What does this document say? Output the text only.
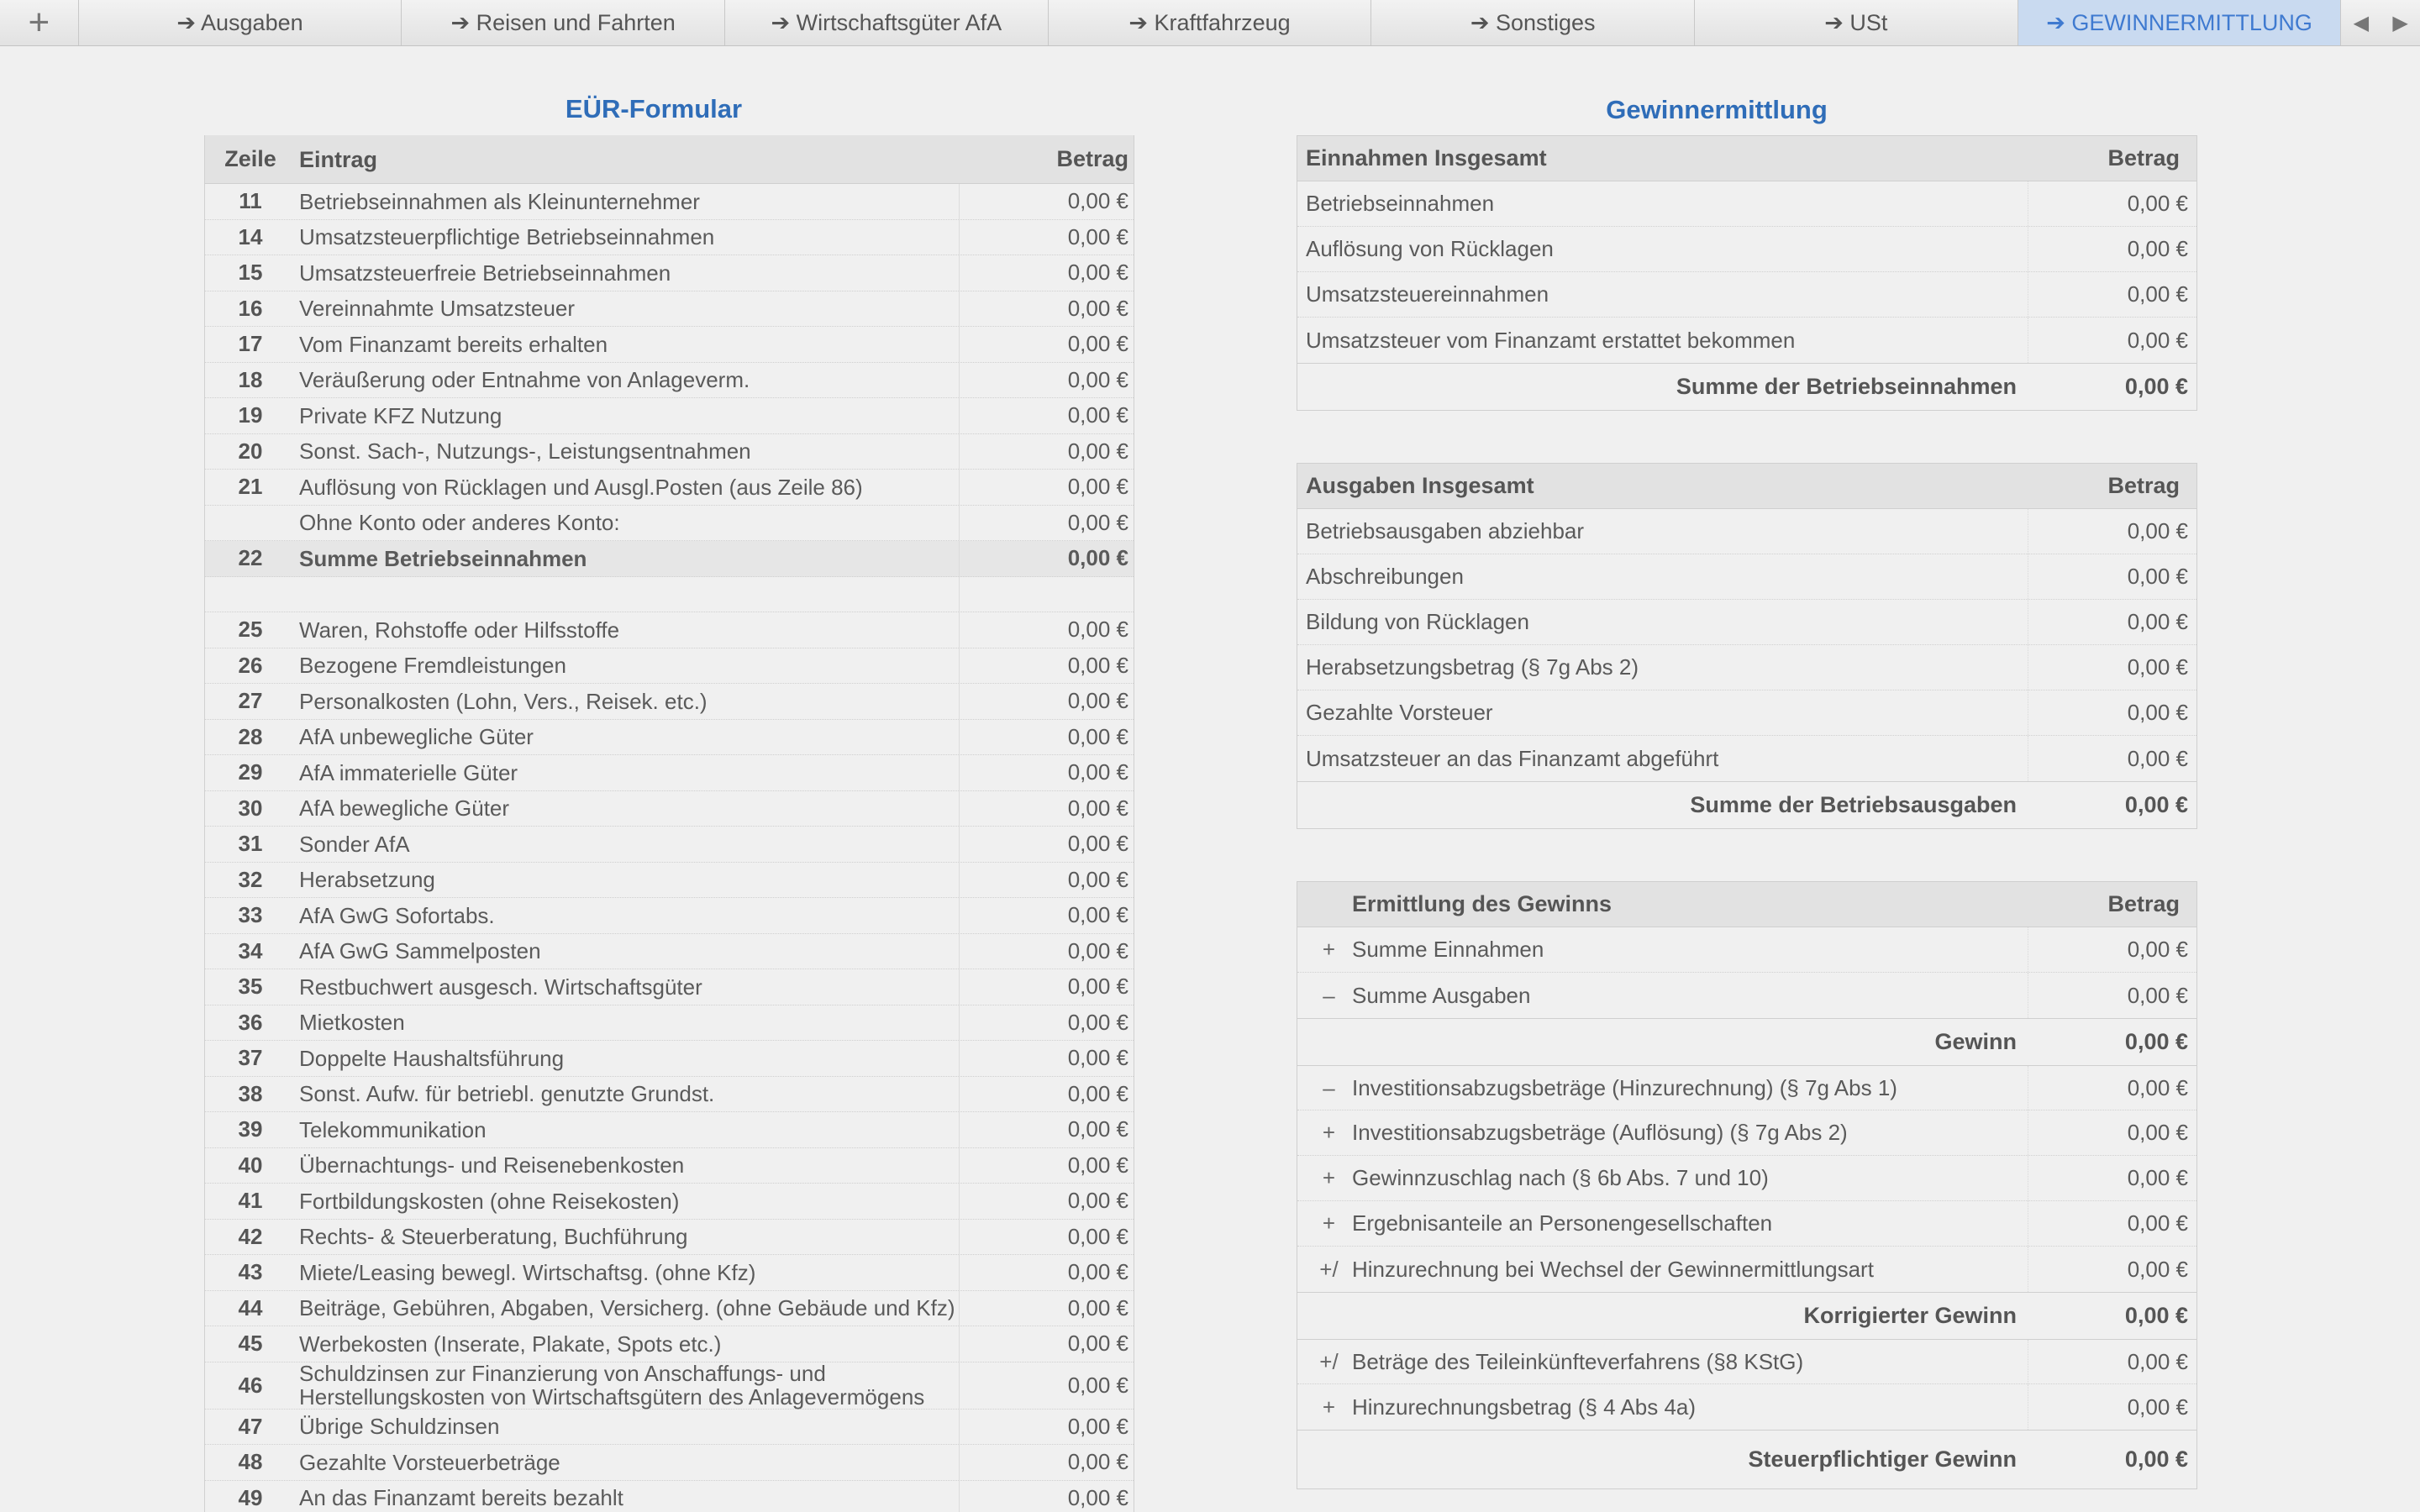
+	➔ Ausgaben	➔ Reisen und Fahrten	➔ Wirtschaftsgüter AfA	➔ Kraftfahrzeug	➔ Sonstiges	➔ USt	➔ GEWINNERMITTLUNG ◀ ▶
EÜR-Formular
Zeile	Eintrag	Betrag
11	Betriebseinnahmen als Kleinunternehmer	0,00 €
14	Umsatzsteuerpflichtige Betriebseinnahmen	0,00 €
15	Umsatzsteuerfreie Betriebseinnahmen	0,00 €
16	Vereinnahmte Umsatzsteuer	0,00 €
17	Vom Finanzamt bereits erhalten	0,00 €
18	Veräußerung oder Entnahme von Anlageverm.	0,00 €
19	Private KFZ Nutzung	0,00 €
20	Sonst. Sach-, Nutzungs-, Leistungsentnahmen	0,00 €
21	Auflösung von Rücklagen und Ausgl.Posten (aus Zeile 86)	0,00 €
Ohne Konto oder anderes Konto:	0,00 €
22	Summe Betriebseinnahmen	0,00 €
25	Waren, Rohstoffe oder Hilfsstoffe	0,00 €
26	Bezogene Fremdleistungen	0,00 €
27	Personalkosten (Lohn, Vers., Reisek. etc.)	0,00 €
28	AfA unbewegliche Güter	0,00 €
29	AfA immaterielle Güter	0,00 €
30	AfA bewegliche Güter	0,00 €
31	Sonder AfA	0,00 €
32	Herabsetzung	0,00 €
33	AfA GwG Sofortabs.	0,00 €
34	AfA GwG Sammelposten	0,00 €
35	Restbuchwert ausgesch. Wirtschaftsgüter	0,00 €
36	Mietkosten	0,00 €
37	Doppelte Haushaltsführung	0,00 €
38	Sonst. Aufw. für betriebl. genutzte Grundst.	0,00 €
39	Telekommunikation	0,00 €
40	Übernachtungs- und Reisenebenkosten	0,00 €
41	Fortbildungskosten (ohne Reisekosten)	0,00 €
42	Rechts- & Steuerberatung, Buchführung	0,00 €
43	Miete/Leasing bewegl. Wirtschaftsg. (ohne Kfz)	0,00 €
44	Beiträge, Gebühren, Abgaben, Versicherg. (ohne Gebäude und Kfz)	0,00 €
45	Werbekosten (Inserate, Plakate, Spots etc.)	0,00 €
46	Schuldzinsen zur Finanzierung von Anschaffungs- und Herstellungskosten von Wirtschaftsgütern des Anlagevermögens	0,00 €
47	Übrige Schuldzinsen	0,00 €
48	Gezahlte Vorsteuerbeträge	0,00 €
49	An das Finanzamt bereits bezahlt	0,00 €
Gewinnermittlung
Einnahmen Insgesamt	Betrag
Betriebseinnahmen	0,00 €
Auflösung von Rücklagen	0,00 €
Umsatzsteuereinnahmen	0,00 €
Umsatzsteuer vom Finanzamt erstattet bekommen	0,00 €
Summe der Betriebseinnahmen	0,00 €
Ausgaben Insgesamt	Betrag
Betriebsausgaben abziehbar	0,00 €
Abschreibungen	0,00 €
Bildung von Rücklagen	0,00 €
Herabsetzungsbetrag (§ 7g Abs 2)	0,00 €
Gezahlte Vorsteuer	0,00 €
Umsatzsteuer an das Finanzamt abgeführt	0,00 €
Summe der Betriebsausgaben	0,00 €
Ermittlung des Gewinns	Betrag
+ Summe Einnahmen	0,00 €
– Summe Ausgaben	0,00 €
Gewinn	0,00 €
– Investitionsabzugsbeträge (Hinzurechnung) (§ 7g Abs 1)	0,00 €
+ Investitionsabzugsbeträge (Auflösung) (§ 7g Abs 2)	0,00 €
+ Gewinnzuschlag nach (§ 6b Abs. 7 und 10)	0,00 €
+ Ergebnisanteile an Personengesellschaften	0,00 €
+/ Hinzurechnung bei Wechsel der Gewinnermittlungsart	0,00 €
Korrigierter Gewinn	0,00 €
+/ Beträge des Teileinkünfteverfahrens (§8 KStG)	0,00 €
+ Hinzurechnungsbetrag (§ 4 Abs 4a)	0,00 €
Steuerpflichtiger Gewinn	0,00 €
